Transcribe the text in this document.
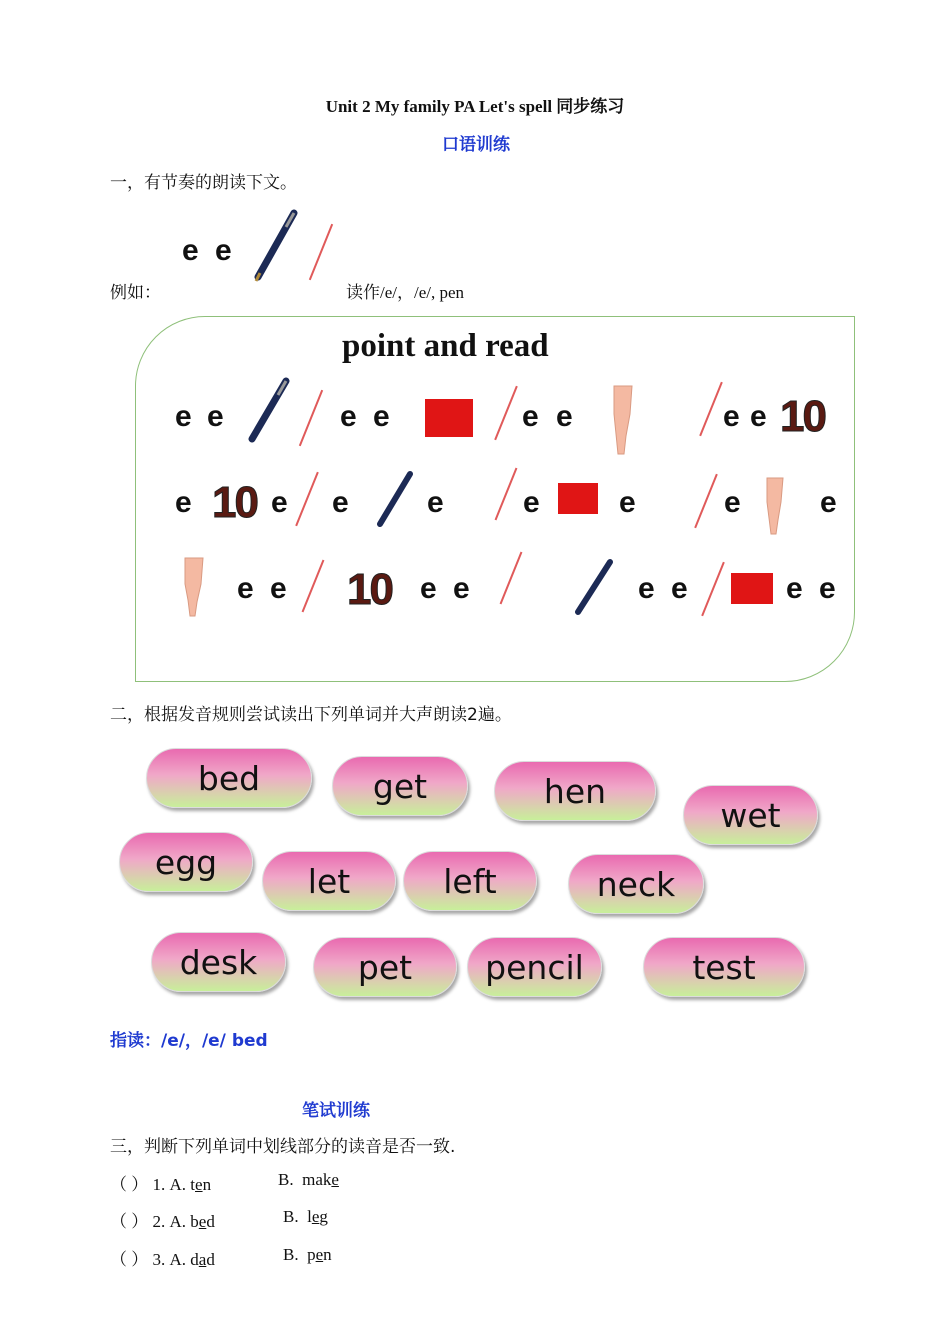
Unit 2 My family PA Let's spell 同步练习
口语训练
一，有节奏的朗读下文。
e e
例如：	读作/e/，/e/, pen
point and read
e e	e e	e e	e e 10
e 10 e e	e	e	e	e	e
e e 10 e e	e e	e e
二，根据发音规则尝试读出下列单词并大声朗读2遍。
bed	get	hen
wet
egg	let	left	neck
desk	pet	pencil	test
指读：/e/，/e/ bed
笔试训练
三，判断下列单词中划线部分的读音是否一致.
（ ） 1. A. ten	B. make
（ ） 2. A. bed	B. leg
（ ） 3. A. dad	B. pen
